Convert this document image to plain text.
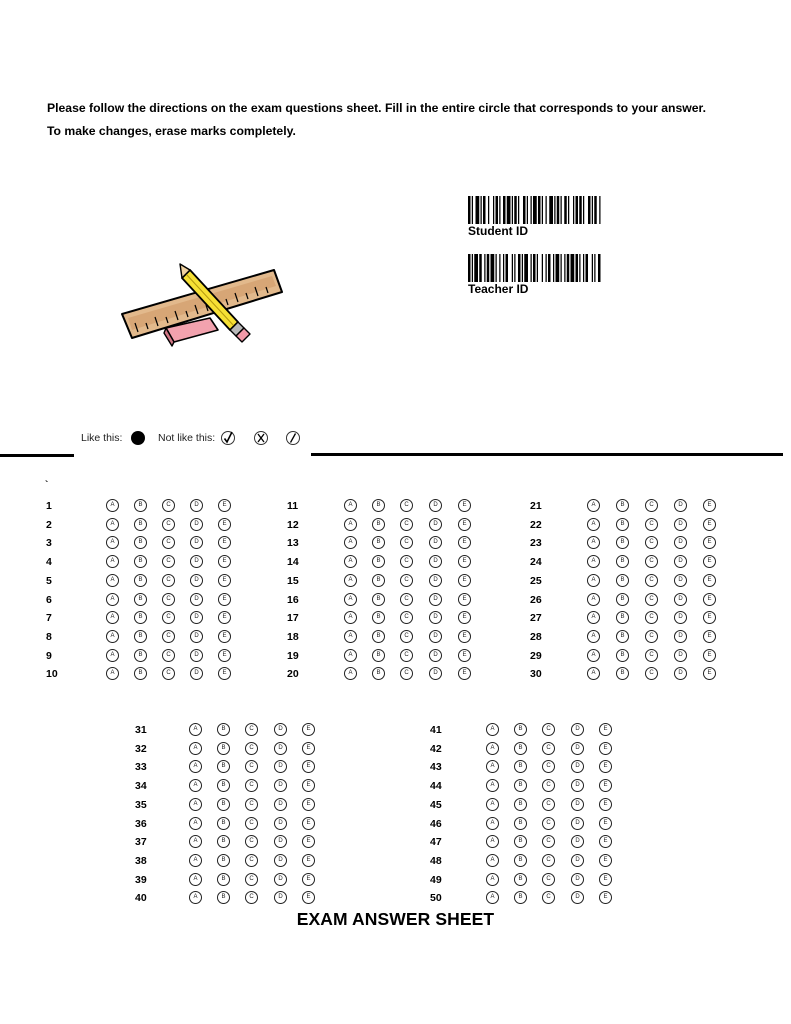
Please follow the directions on the exam questions sheet. Fill in the entire circle that corresponds to your answer.
To make changes, erase marks completely.
Student ID
Teacher ID
Like this:	Not like this:
`
1	A	B	C	D	E
2	A	B	C	D	E
3	A	B	C	D	E
4	A	B	C	D	E
5	A	B	C	D	E
6	A	B	C	D	E
7	A	B	C	D	E
8	A	B	C	D	E
9	A	B	C	D	E
10	A	B	C	D	E
11	A	B	C	D	E
12	A	B	C	D	E
13	A	B	C	D	E
14	A	B	C	D	E
15	A	B	C	D	E
16	A	B	C	D	E
17	A	B	C	D	E
18	A	B	C	D	E
19	A	B	C	D	E
20	A	B	C	D	E
21	A	B	C	D	E
22	A	B	C	D	E
23	A	B	C	D	E
24	A	B	C	D	E
25	A	B	C	D	E
26	A	B	C	D	E
27	A	B	C	D	E
28	A	B	C	D	E
29	A	B	C	D	E
30	A	B	C	D	E
31	A	B	C	D	E
32	A	B	C	D	E
33	A	B	C	D	E
34	A	B	C	D	E
35	A	B	C	D	E
36	A	B	C	D	E
37	A	B	C	D	E
38	A	B	C	D	E
39	A	B	C	D	E
40	A	B	C	D	E
41	A	B	C	D	E
42	A	B	C	D	E
43	A	B	C	D	E
44	A	B	C	D	E
45	A	B	C	D	E
46	A	B	C	D	E
47	A	B	C	D	E
48	A	B	C	D	E
49	A	B	C	D	E
50	A	B	C	D	E
EXAM ANSWER SHEET
